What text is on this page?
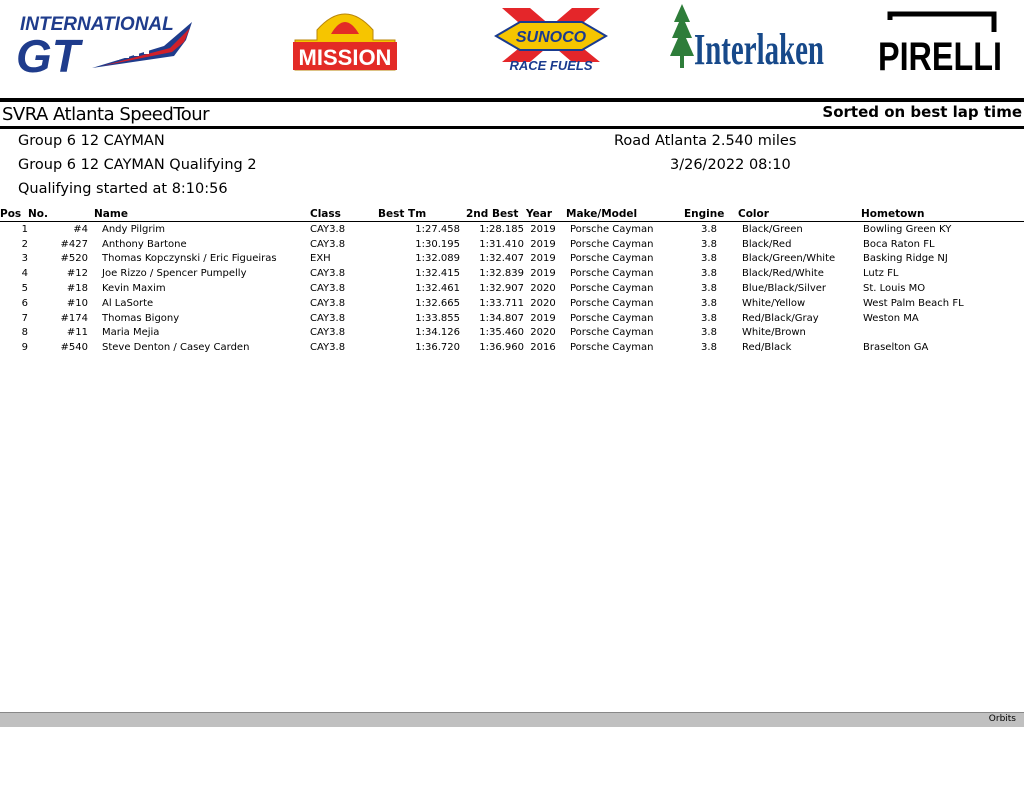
INTERNATIONAL
GT	MISSION
SUNOCO
RACE FUELS Interlaken PIRELLI
SVRA Atlanta SpeedTour	Sorted on best lap time
Group 6 12 CAYMAN	Road Atlanta 2.540 miles
Group 6 12 CAYMAN Qualifying 2	3/26/2022 08:10
Qualifying started at 8:10:56
Pos	No.	Name	Class	Best Tm	2nd Best	Year	Make/Model	Engine	Color	Hometown
1	#4	Andy Pilgrim	CAY3.8	1:27.458	1:28.185	2019	Porsche Cayman	3.8	Black/Green	Bowling Green KY
2	#427	Anthony Bartone	CAY3.8	1:30.195	1:31.410	2019	Porsche Cayman	3.8	Black/Red	Boca Raton FL
3	#520	Thomas Kopczynski / Eric Figueiras	EXH	1:32.089	1:32.407	2019	Porsche Cayman	3.8	Black/Green/White	Basking Ridge NJ
4	#12	Joe Rizzo / Spencer Pumpelly	CAY3.8	1:32.415	1:32.839	2019	Porsche Cayman	3.8	Black/Red/White	Lutz FL
5	#18	Kevin Maxim	CAY3.8	1:32.461	1:32.907	2020	Porsche Cayman	3.8	Blue/Black/Silver	St. Louis MO
6	#10	Al LaSorte	CAY3.8	1:32.665	1:33.711	2020	Porsche Cayman	3.8	White/Yellow	West Palm Beach FL
7	#174	Thomas Bigony	CAY3.8	1:33.855	1:34.807	2019	Porsche Cayman	3.8	Red/Black/Gray	Weston MA
8	#11	Maria Mejia	CAY3.8	1:34.126	1:35.460	2020	Porsche Cayman	3.8	White/Brown	
9	#540	Steve Denton / Casey Carden	CAY3.8	1:36.720	1:36.960	2016	Porsche Cayman	3.8	Red/Black	Braselton GA
Orbits
